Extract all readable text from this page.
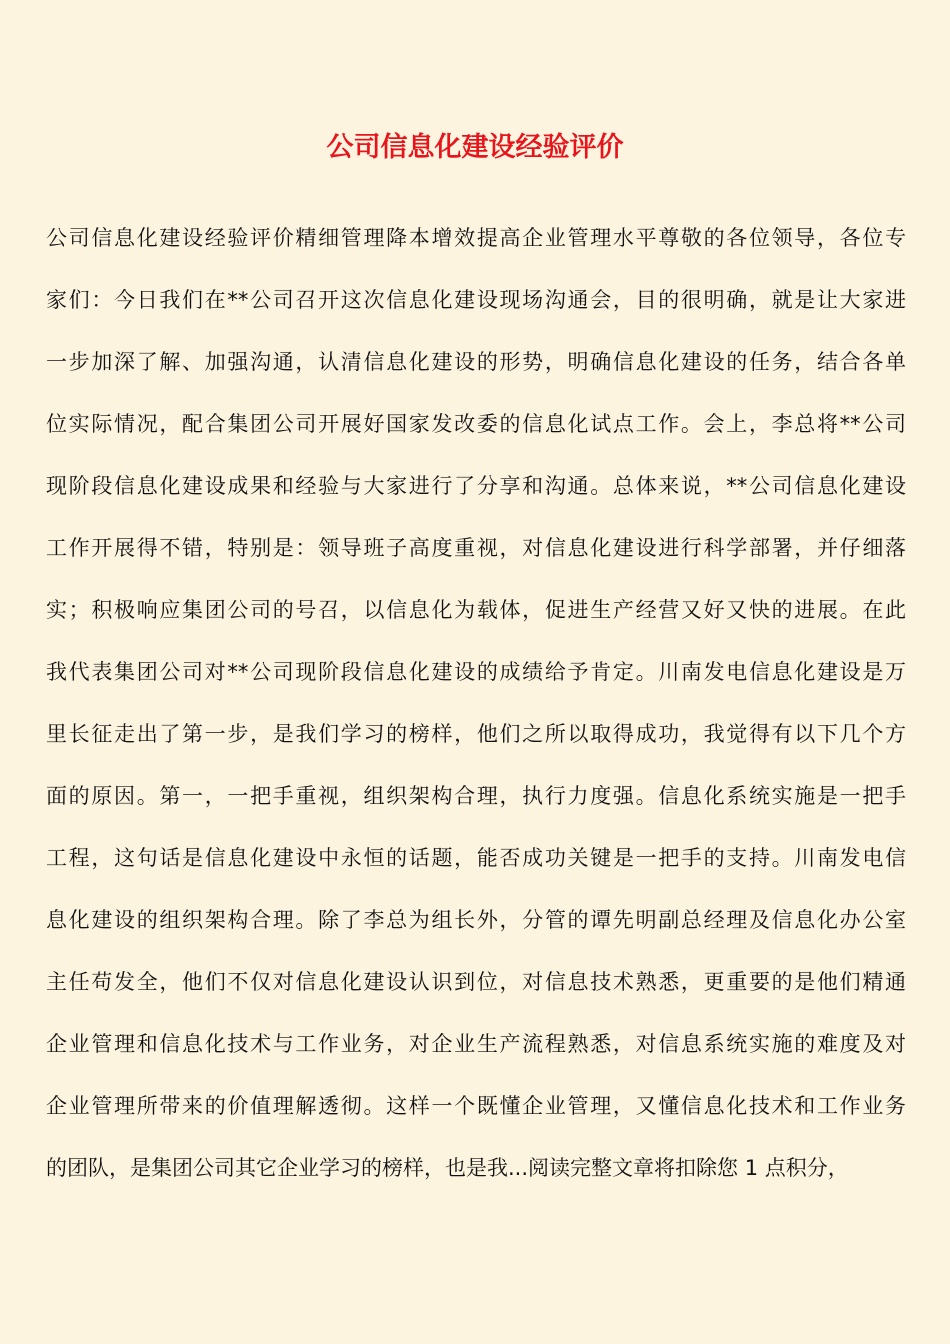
公司信息化建设经验评价
公司信息化建设经验评价精细管理降本增效提高企业管理水平尊敬的各位领导，各位专
家们：今日我们在**公司召开这次信息化建设现场沟通会，目的很明确，就是让大家进
一步加深了解、加强沟通，认清信息化建设的形势，明确信息化建设的任务，结合各单
位实际情况，配合集团公司开展好国家发改委的信息化试点工作。会上，李总将**公司
现阶段信息化建设成果和经验与大家进行了分享和沟通。总体来说，**公司信息化建设
工作开展得不错，特别是：领导班子高度重视，对信息化建设进行科学部署，并仔细落
实；积极响应集团公司的号召，以信息化为载体，促进生产经营又好又快的进展。在此
我代表集团公司对**公司现阶段信息化建设的成绩给予肯定。川南发电信息化建设是万
里长征走出了第一步，是我们学习的榜样，他们之所以取得成功，我觉得有以下几个方
面的原因。第一，一把手重视，组织架构合理，执行力度强。信息化系统实施是一把手
工程，这句话是信息化建设中永恒的话题，能否成功关键是一把手的支持。川南发电信
息化建设的组织架构合理。除了李总为组长外，分管的谭先明副总经理及信息化办公室
主任苟发全，他们不仅对信息化建设认识到位，对信息技术熟悉，更重要的是他们精通
企业管理和信息化技术与工作业务，对企业生产流程熟悉，对信息系统实施的难度及对
企业管理所带来的价值理解透彻。这样一个既懂企业管理，又懂信息化技术和工作业务
的团队，是集团公司其它企业学习的榜样，也是我...阅读完整文章将扣除您 1 点积分，
